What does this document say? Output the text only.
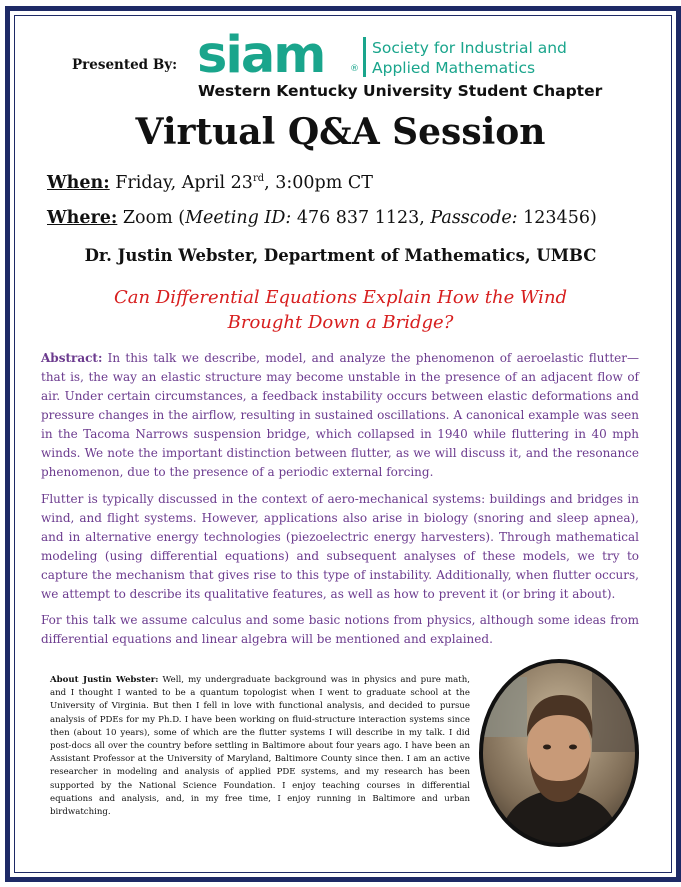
Presented By: siam	®
Society for Industrial and
Applied Mathematics
Western Kentucky University Student Chapter
Virtual Q&A Session
When: Friday, April 23rd, 3:00pm CT
Where: Zoom (Meeting ID: 476 837 1123, Passcode: 123456)
Dr. Justin Webster, Department of Mathematics, UMBC
Can Differential Equations Explain How the Wind
Brought Down a Bridge?

Abstract: In this talk we describe, model, and analyze the phenomenon of aeroelastic flutter—that is, the way an elastic structure may become unstable in the presence of an adjacent flow of air. Under certain circumstances, a feedback instability occurs between elastic deformations and pressure changes in the airflow, resulting in sustained oscillations. A canonical example was seen in the Tacoma Narrows suspension bridge, which collapsed in 1940 while fluttering in 40 mph winds. We note the important distinction between flutter, as we will discuss it, and the resonance phenomenon, due to the presence of a periodic external forcing.

Flutter is typically discussed in the context of aero-mechanical systems: buildings and bridges in wind, and flight systems. However, applications also arise in biology (snoring and sleep apnea), and in alternative energy technologies (piezoelectric energy harvesters). Through mathematical modeling (using differential equations) and subsequent analyses of these models, we try to capture the mechanism that gives rise to this type of instability. Additionally, when flutter occurs, we attempt to describe its qualitative features, as well as how to prevent it (or bring it about).

For this talk we assume calculus and some basic notions from physics, although some ideas from differential equations and linear algebra will be mentioned and explained.

About Justin Webster: Well, my undergraduate background was in physics and pure math, and I thought I wanted to be a quantum topologist when I went to graduate school at the University of Virginia. But then I fell in love with functional analysis, and decided to pursue analysis of PDEs for my Ph.D. I have been working on fluid-structure interaction systems since then (about 10 years), some of which are the flutter systems I will describe in my talk. I did post-docs all over the country before settling in Baltimore about four years ago. I have been an Assistant Professor at the University of Maryland, Baltimore County since then. I am an active researcher in modeling and analysis of applied PDE systems, and my research has been supported by the National Science Foundation. I enjoy teaching courses in differential equations and analysis, and, in my free time, I enjoy running in Baltimore and urban birdwatching.
